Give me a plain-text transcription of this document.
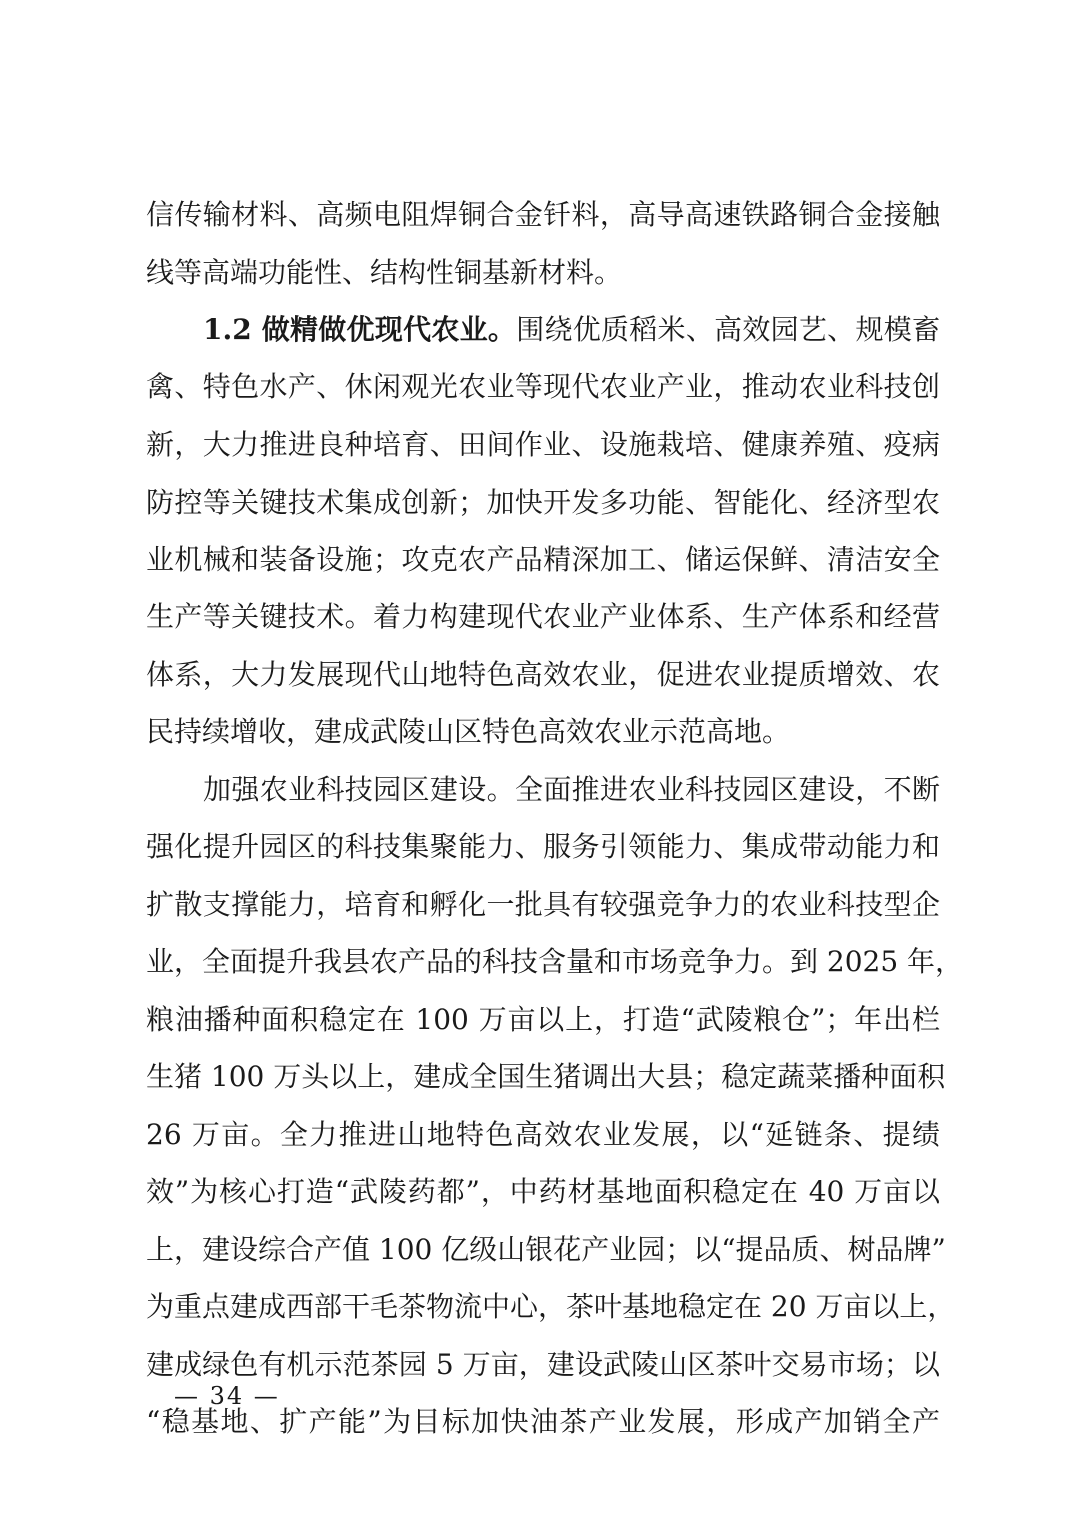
信传输材料、高频电阻焊铜合金钎料，高导高速铁路铜合金接触
线等高端功能性、结构性铜基新材料。
1.2 做精做优现代农业。围绕优质稻米、高效园艺、规模畜
禽、特色水产、休闲观光农业等现代农业产业，推动农业科技创
新，大力推进良种培育、田间作业、设施栽培、健康养殖、疫病
防控等关键技术集成创新；加快开发多功能、智能化、经济型农
业机械和装备设施；攻克农产品精深加工、储运保鲜、清洁安全
生产等关键技术。着力构建现代农业产业体系、生产体系和经营
体系，大力发展现代山地特色高效农业，促进农业提质增效、农
民持续增收，建成武陵山区特色高效农业示范高地。
加强农业科技园区建设。全面推进农业科技园区建设，不断
强化提升园区的科技集聚能力、服务引领能力、集成带动能力和
扩散支撑能力，培育和孵化一批具有较强竞争力的农业科技型企
业，全面提升我县农产品的科技含量和市场竞争力。到 2025 年，
粮油播种面积稳定在 100 万亩以上，打造“武陵粮仓”；年出栏
生猪 100 万头以上，建成全国生猪调出大县；稳定蔬菜播种面积
26 万亩。全力推进山地特色高效农业发展，以“延链条、提绩
效”为核心打造“武陵药都”，中药材基地面积稳定在 40 万亩以
上，建设综合产值 100 亿级山银花产业园；以“提品质、树品牌”
为重点建成西部干毛茶物流中心，茶叶基地稳定在 20 万亩以上，
建成绿色有机示范茶园 5 万亩，建设武陵山区茶叶交易市场；以
“稳基地、扩产能”为目标加快油茶产业发展，形成产加销全产
— 34 —
